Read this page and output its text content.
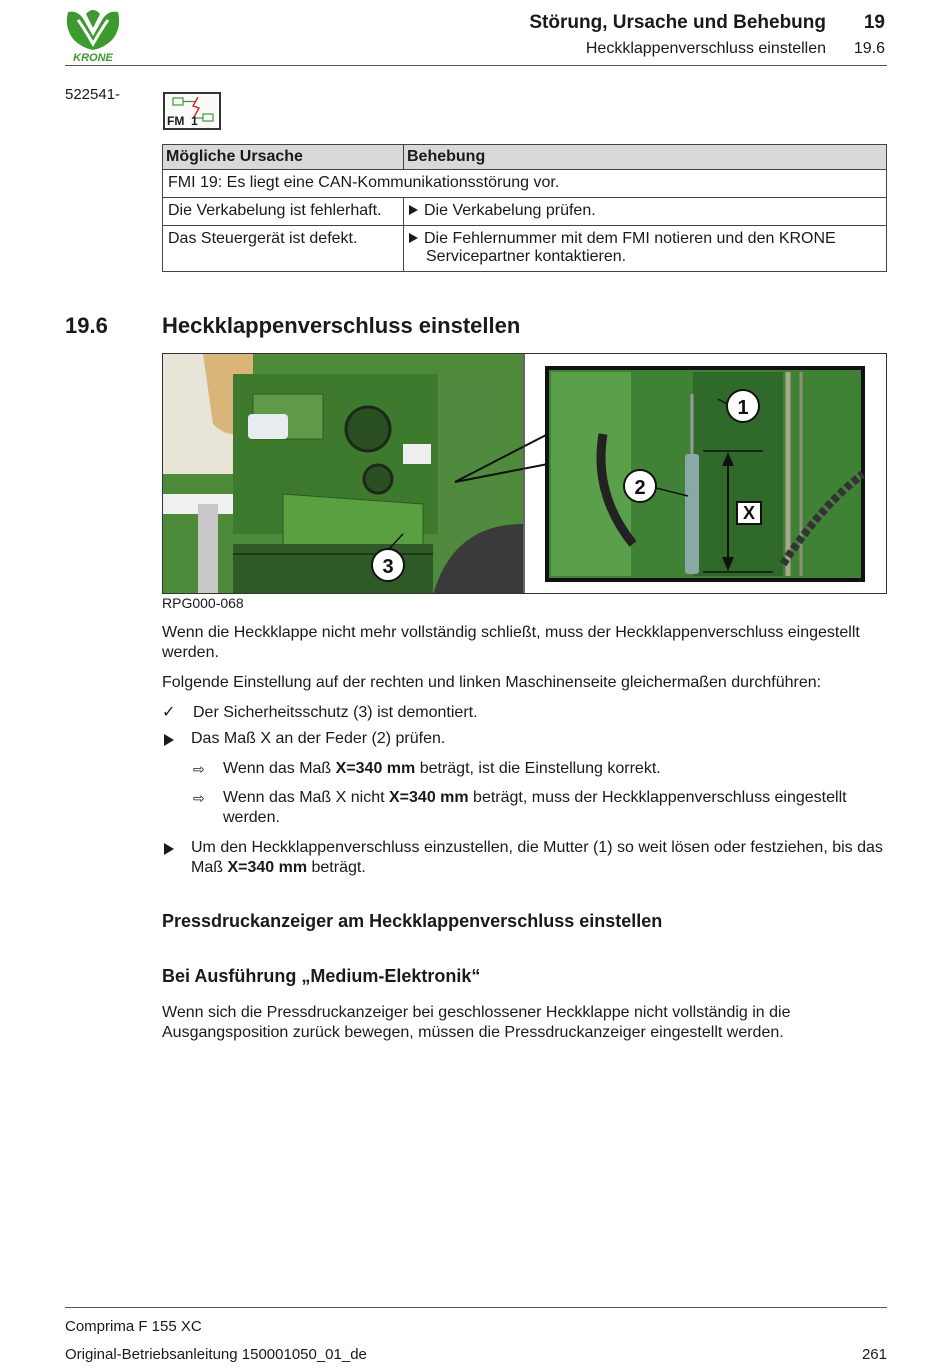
KRONE
Störung, Ursache und Behebung 19
Heckklappenverschluss einstellen 19.6
522541-
FM 1
Mögliche Ursache	Behebung
FMI 19: Es liegt eine CAN-Kommunikationsstörung vor.	
Die Verkabelung ist fehlerhaft.	Die Verkabelung prüfen.
Das Steuergerät ist defekt.	Die Fehlernummer mit dem FMI notieren und den KRONE Servicepartner kontaktieren.
19.6 Heckklappenverschluss einstellen
X
1
2
3
RPG000-068
Wenn die Heckklappe nicht mehr vollständig schließt, muss der Heckklappenverschluss eingestellt werden.
Folgende Einstellung auf der rechten und linken Maschinenseite gleichermaßen durchführen:
✓ Der Sicherheitsschutz (3) ist demontiert.
Das Maß X an der Feder (2) prüfen.
⇨ Wenn das Maß X=340 mm beträgt, ist die Einstellung korrekt.
⇨ Wenn das Maß X nicht X=340 mm beträgt, muss der Heckklappenverschluss eingestellt werden.
Um den Heckklappenverschluss einzustellen, die Mutter (1) so weit lösen oder festziehen, bis das Maß X=340 mm beträgt.
Pressdruckanzeiger am Heckklappenverschluss einstellen
Bei Ausführung „Medium-Elektronik“
Wenn sich die Pressdruckanzeiger bei geschlossener Heckklappe nicht vollständig in die Ausgangsposition zurück bewegen, müssen die Pressdruckanzeiger eingestellt werden.
Comprima F 155 XC
Original-Betriebsanleitung 150001050_01_de	261
